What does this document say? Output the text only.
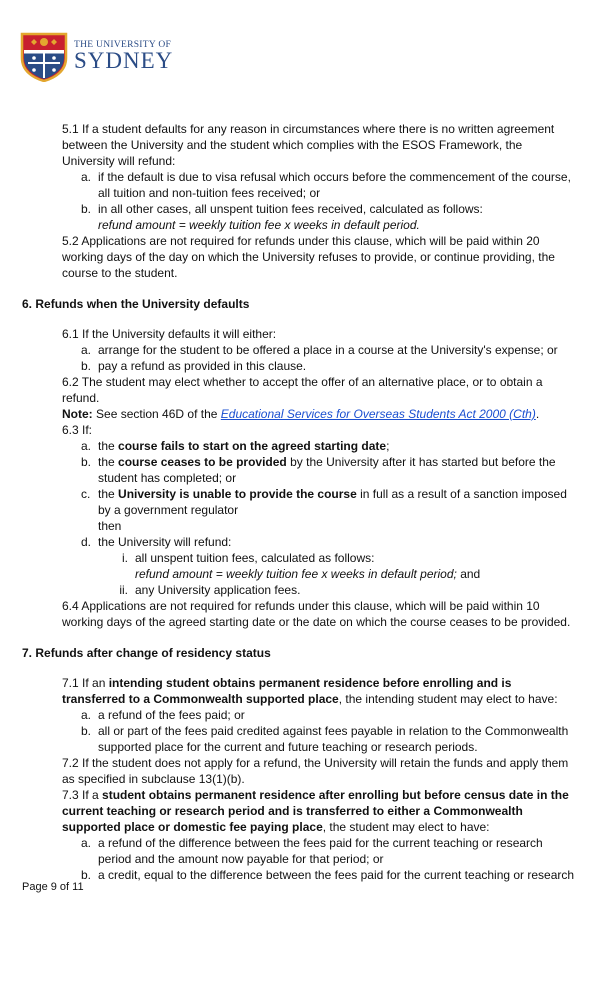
THE UNIVERSITY OF
SYDNEY

5.1 If a student defaults for any reason in circumstances where there is no written agreement between the University and the student which complies with the ESOS Framework, the University will refund:

a. if the default is due to visa refusal which occurs before the commencement of the course, all tuition and non-tuition fees received; or
b. in all other cases, all unspent tuition fees received, calculated as follows:
refund amount = weekly tuition fee x weeks in default period.

5.2 Applications are not required for refunds under this clause, which will be paid within 20 working days of the day on which the University refuses to provide, or continue providing, the course to the student.

6. Refunds when the University defaults

6.1 If the University defaults it will either:

a. arrange for the student to be offered a place in a course at the University's expense; or
b. pay a refund as provided in this clause.

6.2 The student may elect whether to accept the offer of an alternative place, or to obtain a refund.

Note: See section 46D of the Educational Services for Overseas Students Act 2000 (Cth).

6.3 If:

a. the course fails to start on the agreed starting date;
b. the course ceases to be provided by the University after it has started but before the student has completed; or
c. the University is unable to provide the course in full as a result of a sanction imposed by a government regulator
then
d. the University will refund:
i. all unspent tuition fees, calculated as follows:
refund amount = weekly tuition fee x weeks in default period; and
ii. any University application fees.

6.4 Applications are not required for refunds under this clause, which will be paid within 10 working days of the agreed starting date or the date on which the course ceases to be provided.

7. Refunds after change of residency status

7.1 If an intending student obtains permanent residence before enrolling and is transferred to a Commonwealth supported place, the intending student may elect to have:

a. a refund of the fees paid; or
b. all or part of the fees paid credited against fees payable in relation to the Commonwealth supported place for the current and future teaching or research periods.

7.2 If the student does not apply for a refund, the University will retain the funds and apply them as specified in subclause 13(1)(b).

7.3 If a student obtains permanent residence after enrolling but before census date in the current teaching or research period and is transferred to either a Commonwealth supported place or domestic fee paying place, the student may elect to have:

a. a refund of the difference between the fees paid for the current teaching or research period and the amount now payable for that period; or
b. a credit, equal to the difference between the fees paid for the current teaching or research
Page 9 of 11
